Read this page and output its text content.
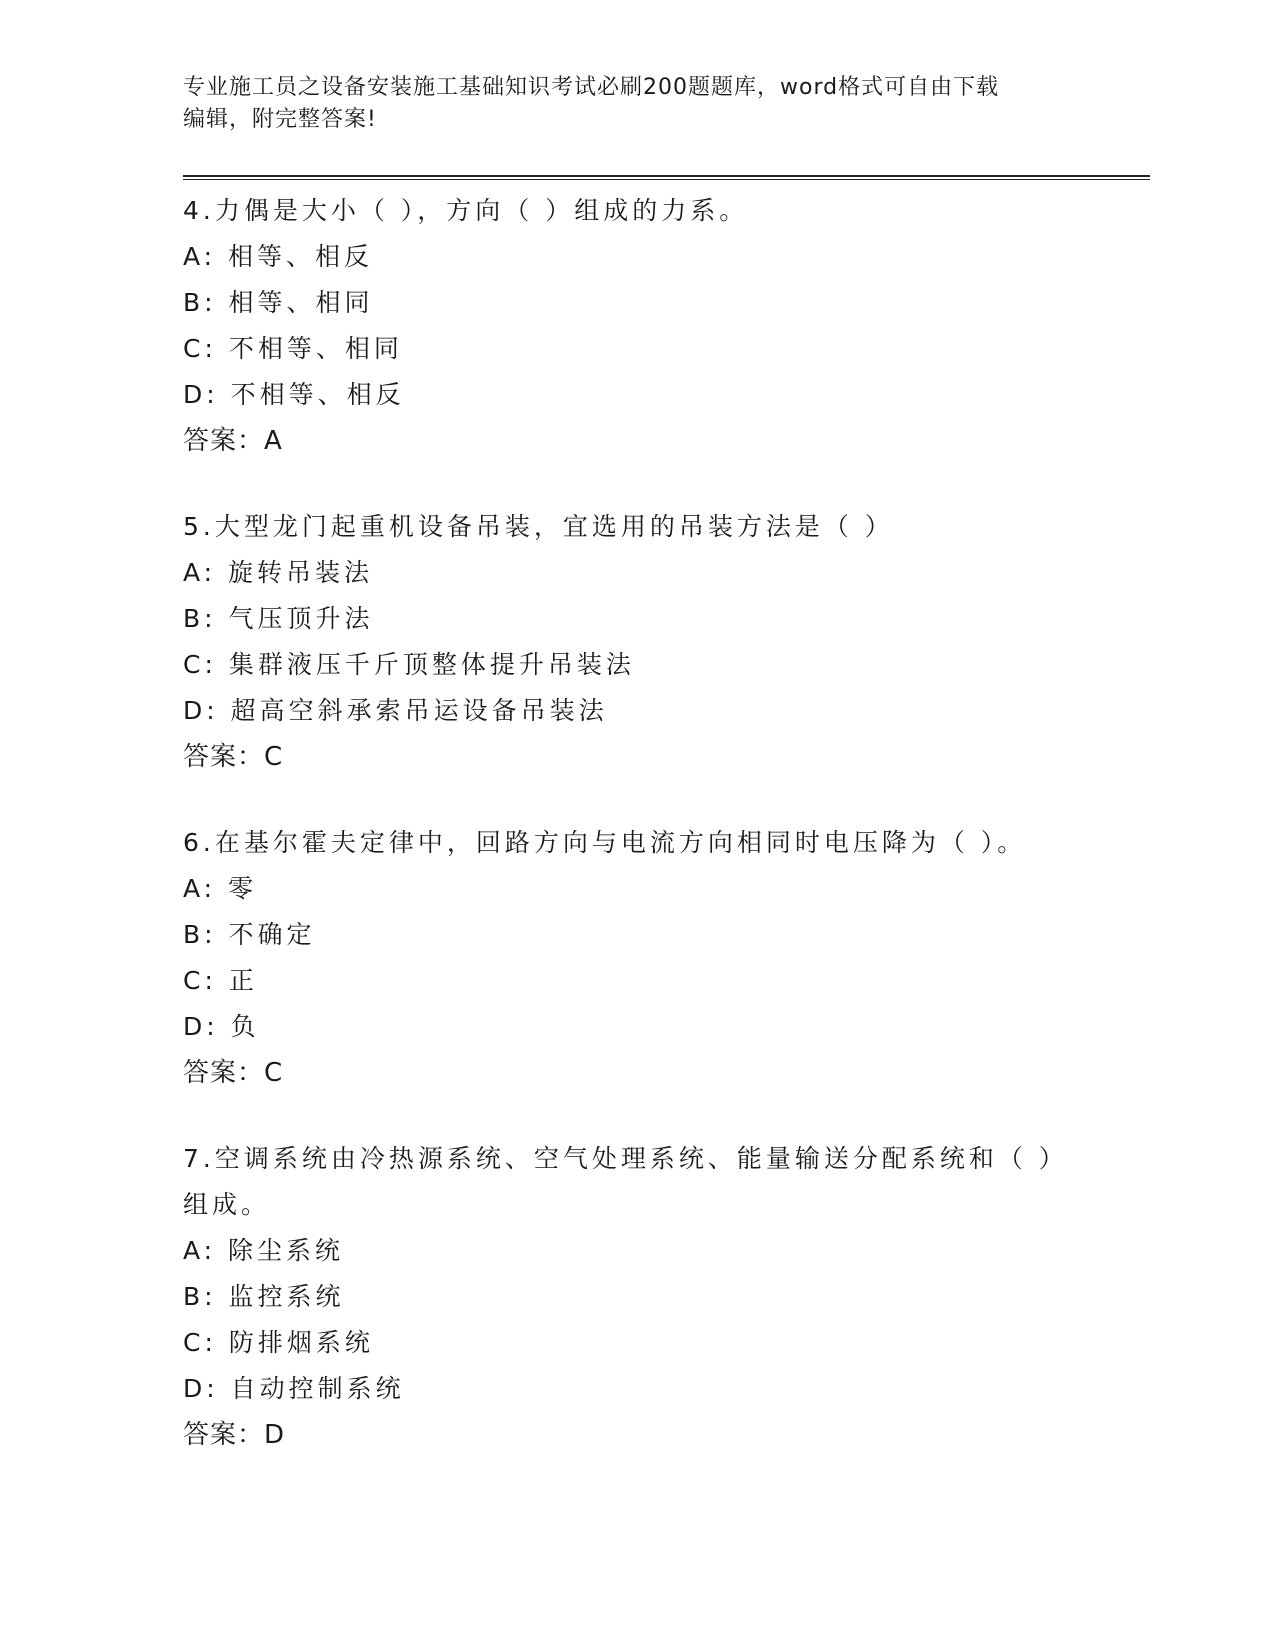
专业施工员之设备安装施工基础知识考试必刷200题题库，word格式可自由下载
编辑，附完整答案!
4.力偶是大小（ ），方向（ ）组成的力系。
A: 相等、相反
B: 相等、相同
C: 不相等、相同
D: 不相等、相反
答案：A
5.大型龙门起重机设备吊装，宜选用的吊装方法是（ ）
A: 旋转吊装法
B: 气压顶升法
C: 集群液压千斤顶整体提升吊装法
D: 超高空斜承索吊运设备吊装法
答案：C
6.在基尔霍夫定律中，回路方向与电流方向相同时电压降为（ ）。
A: 零
B: 不确定
C: 正
D: 负
答案：C
7.空调系统由冷热源系统、空气处理系统、能量输送分配系统和（ ）
组成。
A: 除尘系统
B: 监控系统
C: 防排烟系统
D: 自动控制系统
答案：D
